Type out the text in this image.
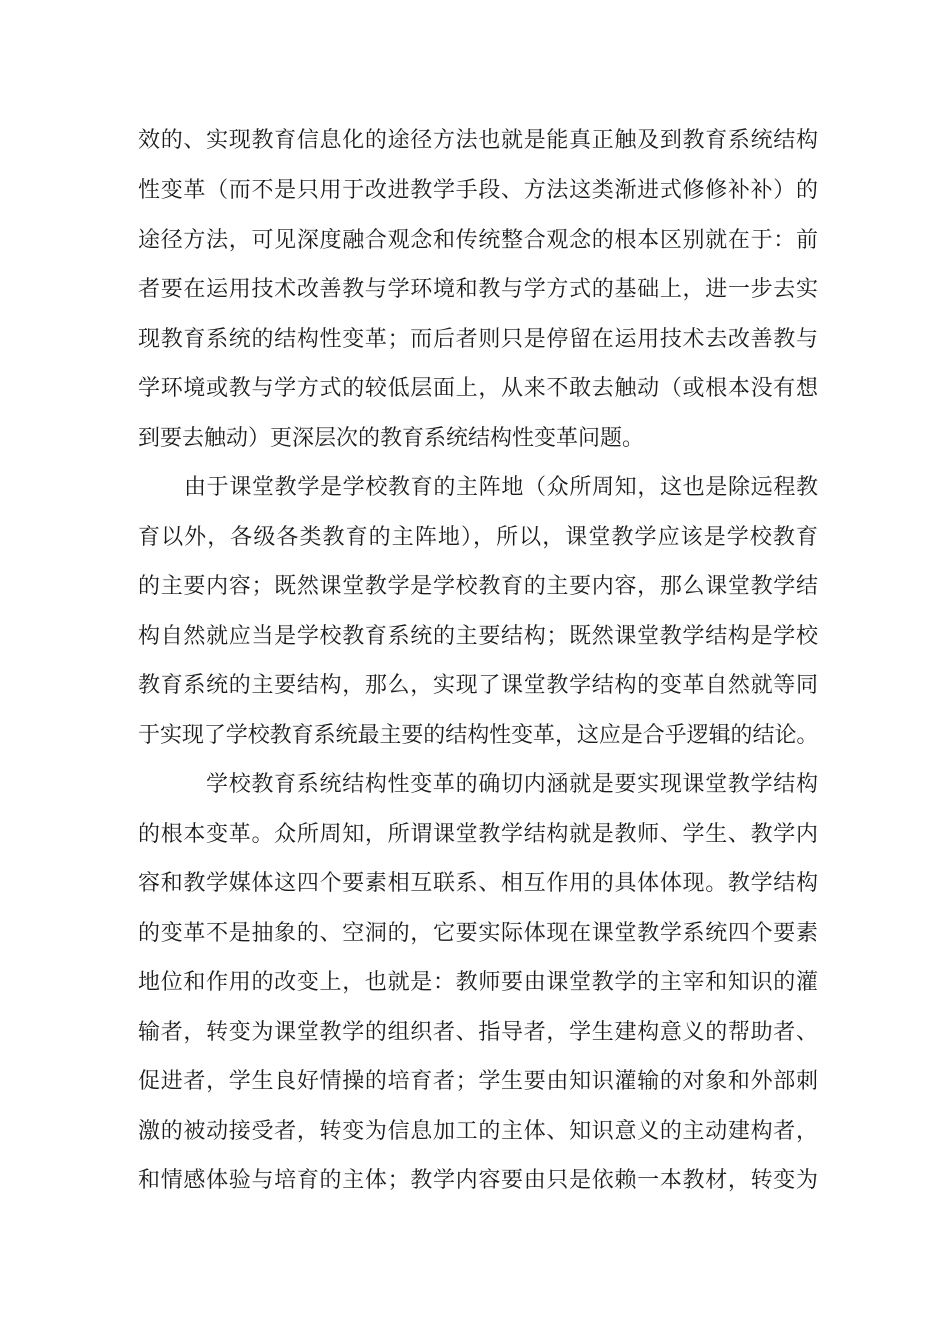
效的、实现教育信息化的途径方法也就是能真正触及到教育系统结构
性变革（而不是只用于改进教学手段、方法这类渐进式修修补补）的
途径方法，可见深度融合观念和传统整合观念的根本区别就在于：前
者要在运用技术改善教与学环境和教与学方式的基础上，进一步去实
现教育系统的结构性变革；而后者则只是停留在运用技术去改善教与
学环境或教与学方式的较低层面上，从来不敢去触动（或根本没有想
到要去触动）更深层次的教育系统结构性变革问题。
由于课堂教学是学校教育的主阵地（众所周知，这也是除远程教
育以外，各级各类教育的主阵地），所以，课堂教学应该是学校教育
的主要内容；既然课堂教学是学校教育的主要内容，那么课堂教学结
构自然就应当是学校教育系统的主要结构；既然课堂教学结构是学校
教育系统的主要结构，那么，实现了课堂教学结构的变革自然就等同
于实现了学校教育系统最主要的结构性变革，这应是合乎逻辑的结论。
学校教育系统结构性变革的确切内涵就是要实现课堂教学结构
的根本变革。众所周知，所谓课堂教学结构就是教师、学生、教学内
容和教学媒体这四个要素相互联系、相互作用的具体体现。教学结构
的变革不是抽象的、空洞的，它要实际体现在课堂教学系统四个要素
地位和作用的改变上，也就是：教师要由课堂教学的主宰和知识的灌
输者，转变为课堂教学的组织者、指导者，学生建构意义的帮助者、
促进者，学生良好情操的培育者；学生要由知识灌输的对象和外部刺
激的被动接受者，转变为信息加工的主体、知识意义的主动建构者，
和情感体验与培育的主体；教学内容要由只是依赖一本教材，转变为
